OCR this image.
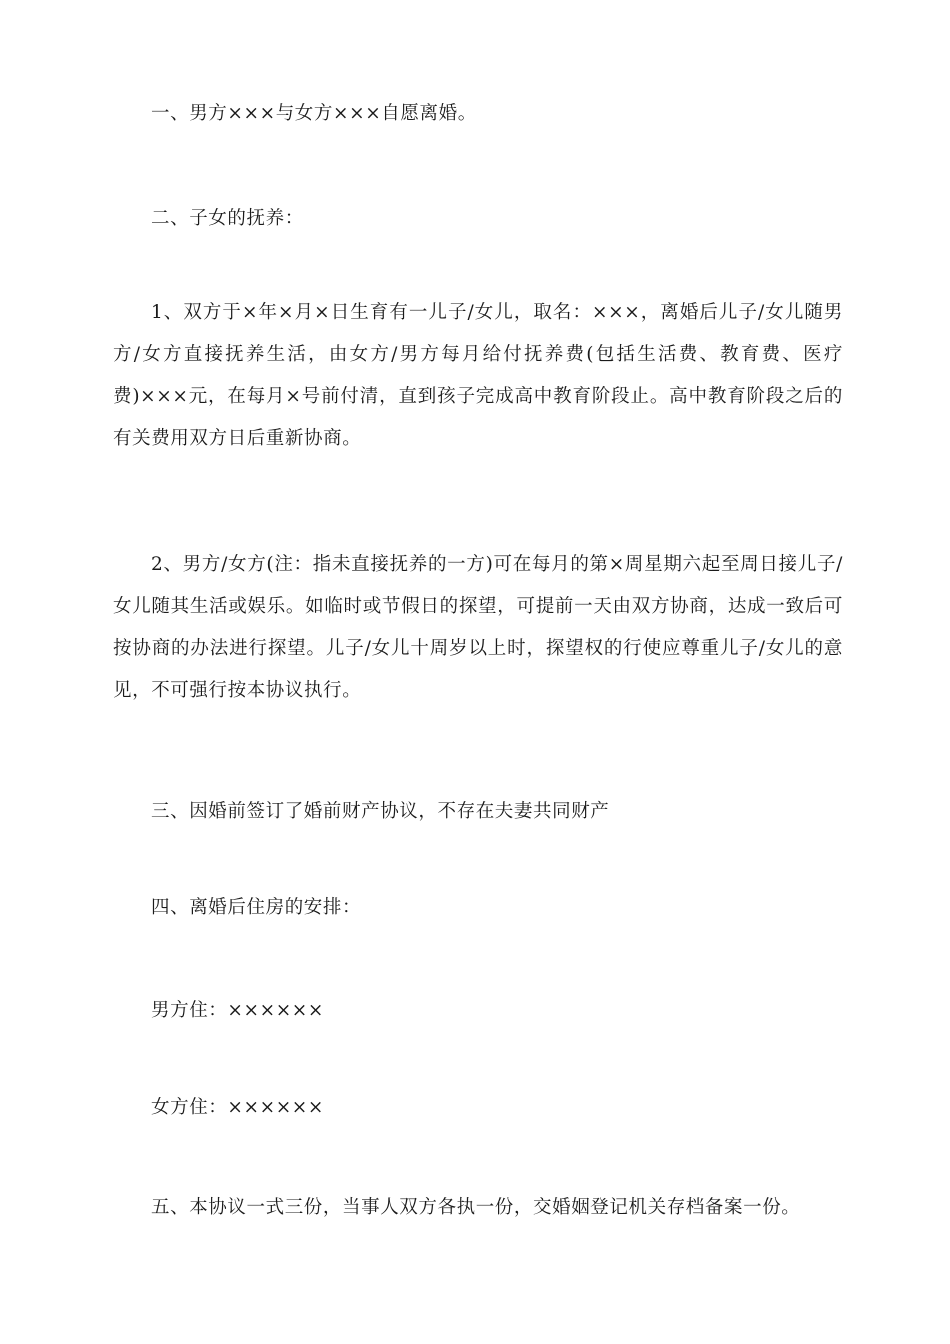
一、男方×××与女方×××自愿离婚。

二、子女的抚养：

1、双方于×年×月×日生育有一儿子/女儿，取名：×××，离婚后儿子/女儿随男方/女方直接抚养生活，由女方/男方每月给付抚养费(包括生活费、教育费、医疗费)×××元，在每月×号前付清，直到孩子完成高中教育阶段止。高中教育阶段之后的有关费用双方日后重新协商。

2、男方/女方(注：指未直接抚养的一方)可在每月的第×周星期六起至周日接儿子/女儿随其生活或娱乐。如临时或节假日的探望，可提前一天由双方协商，达成一致后可按协商的办法进行探望。儿子/女儿十周岁以上时，探望权的行使应尊重儿子/女儿的意见，不可强行按本协议执行。

三、因婚前签订了婚前财产协议，不存在夫妻共同财产

四、离婚后住房的安排：

男方住：××××××

女方住：××××××

五、本协议一式三份，当事人双方各执一份，交婚姻登记机关存档备案一份。
